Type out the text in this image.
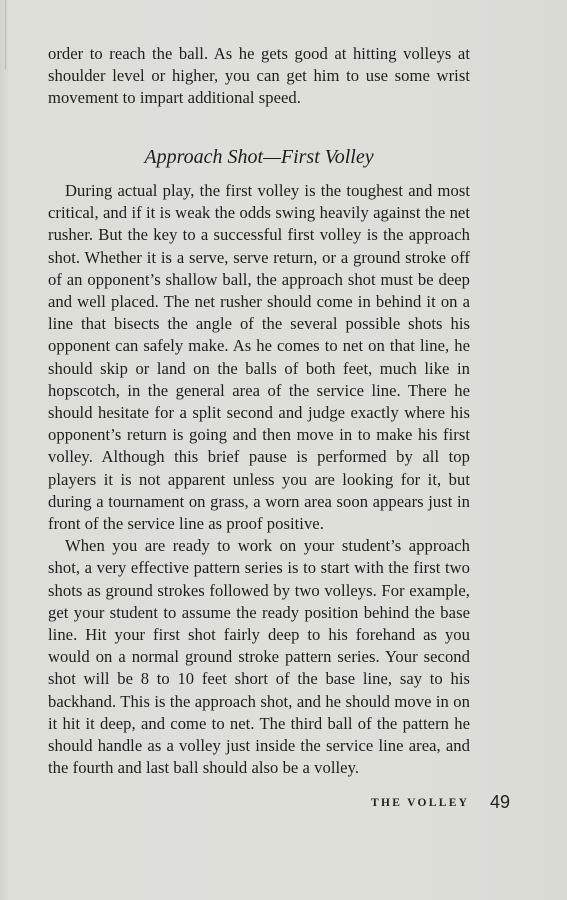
order to reach the ball. As he gets good at hitting volleys at shoulder level or higher, you can get him to use some wrist movement to impart additional speed.

Approach Shot—First Volley

During actual play, the first volley is the toughest and most critical, and if it is weak the odds swing heavily against the net rusher. But the key to a successful first volley is the approach shot. Whether it is a serve, serve return, or a ground stroke off of an opponent’s shallow ball, the approach shot must be deep and well placed. The net rusher should come in behind it on a line that bisects the angle of the several possible shots his opponent can safely make. As he comes to net on that line, he should skip or land on the balls of both feet, much like in hopscotch, in the general area of the service line. There he should hesitate for a split second and judge exactly where his opponent’s return is going and then move in to make his first volley. Although this brief pause is performed by all top players it is not apparent unless you are looking for it, but during a tournament on grass, a worn area soon appears just in front of the service line as proof positive.

When you are ready to work on your student’s approach shot, a very effective pattern series is to start with the first two shots as ground strokes followed by two volleys. For example, get your student to assume the ready position behind the base line. Hit your first shot fairly deep to his forehand as you would on a normal ground stroke pattern series. Your second shot will be 8 to 10 feet short of the base line, say to his backhand. This is the approach shot, and he should move in on it hit it deep, and come to net. The third ball of the pattern he should handle as a volley just inside the service line area, and the fourth and last ball should also be a volley.

THE VOLLEY 49
